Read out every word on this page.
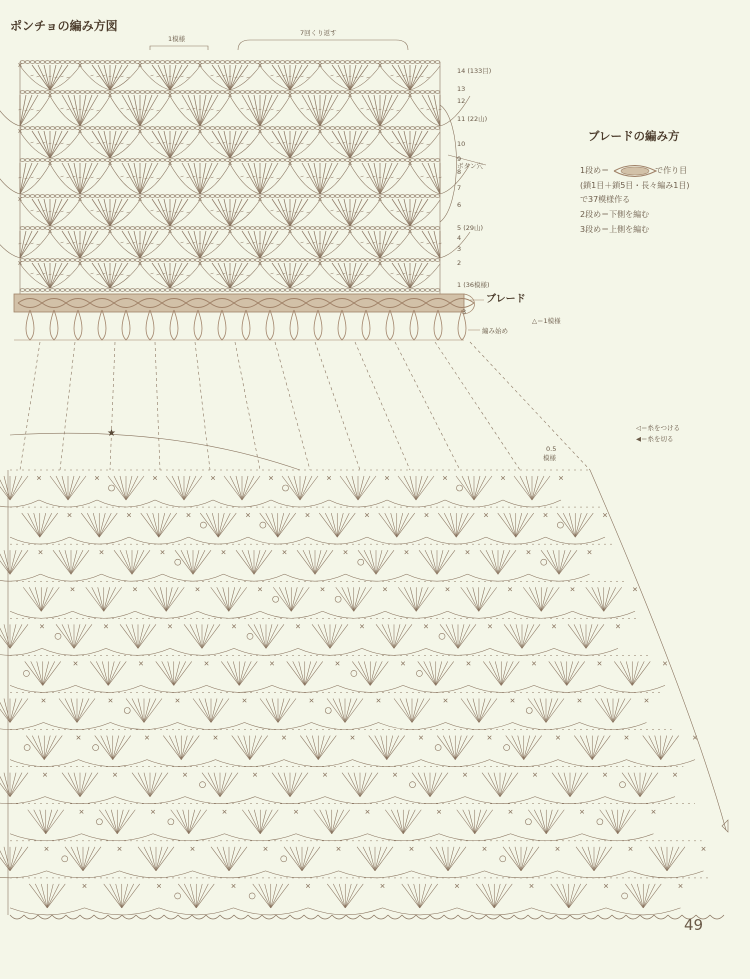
ポンチョの編み方図
1模様
7回くり返す
14 (133目)
13
12
11 (22山)
10
9
8
7
6
5 (29山)
4
3
2
1 (36模様)
ボタン穴
ブレード
3
編み始め
△＝1模様
ブレードの編み方
1段め＝	で作り目
(鎖1目＋鎖5目・長々編み1目)
で37模様作る
2段め＝下側を編む
3段め＝上側を編む
◁＝糸をつける
◀＝糸を切る
0.5
模様
★
49
